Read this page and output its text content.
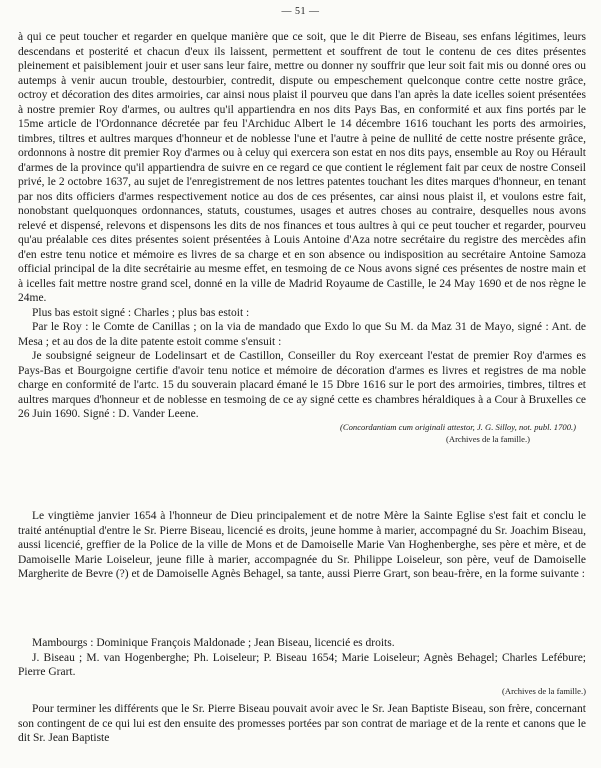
— 51 —

à qui ce peut toucher et regarder en quelque manière que ce soit, que le dit Pierre de Biseau, ses enfans légitimes, leurs descendans et posterité et chacun d'eux ils laissent, permettent et souffrent de tout le contenu de ces dites présentes pleinement et paisiblement jouir et user sans leur faire, mettre ou donner ny souffrir que leur soit fait mis ou donné ores ou autemps à venir aucun trouble, destourbier, contredit, dispute ou empeschement quelconque contre cette nostre grâce, octroy et décoration des dites armoiries, car ainsi nous plaist il pourveu que dans l'an après la date icelles soient présentées à nostre premier Roy d'armes, ou aultres qu'il appartiendra en nos dits Pays Bas, en conformité et aux fins portés par le 15me article de l'Ordonnance décretée par feu l'Archiduc Albert le 14 décembre 1616 touchant les ports des armoiries, timbres, tiltres et aultres marques d'honneur et de noblesse l'une et l'autre à peine de nullité de cette nostre présente grâce, ordonnons à nostre dit premier Roy d'armes ou à celuy qui exercera son estat en nos dits pays, ensemble au Roy ou Hérault d'armes de la province qu'il appartiendra de suivre en ce regard ce que contient le réglement fait par ceux de nostre Conseil privé, le 2 octobre 1637, au sujet de l'enregistrement de nos lettres patentes touchant les dites marques d'honneur, en tenant par nos dits officiers d'armes respectivement notice au dos de ces présentes, car ainsi nous plaist il, et voulons estre fait, nonobstant quelquonques ordonnances, statuts, coustumes, usages et autres choses au contraire, desquelles nous avons relevé et dispensé, relevons et dispensons les dits de nos finances et tous aultres à qui ce peut toucher et regarder, pourveu qu'au préalable ces dites présentes soient présentées à Louis Antoine d'Aza notre secrétaire du registre des mercèdes afin d'en estre tenu notice et mémoire es livres de sa charge et en son absence ou indisposition au secrétaire Antoine Samoza official principal de la dite secrétairie au mesme effet, en tesmoing de ce Nous avons signé ces présentes de nostre main et à icelles fait mettre nostre grand scel, donné en la ville de Madrid Royaume de Castille, le 24 May 1690 et de nos règne le 24me.

Plus bas estoit signé : Charles ; plus bas estoit :

Par le Roy : le Comte de Canillas ; on la via de mandado que Exdo lo que Su M. da Maz 31 de Mayo, signé : Ant. de Mesa ; et au dos de la dite patente estoit comme s'ensuit :

Je soubsigné seigneur de Lodelinsart et de Castillon, Conseiller du Roy exerceant l'estat de premier Roy d'armes es Pays-Bas et Bourgoigne certifie d'avoir tenu notice et mémoire de décoration d'armes es livres et registres de ma noble charge en conformité de l'artc. 15 du souverain placard émané le 15 Dbre 1616 sur le port des armoiries, timbres, tiltres et aultres marques d'honneur et de noblesse en tesmoing de ce ay signé cette es chambres héraldiques à a Cour à Bruxelles ce 26 Juin 1690. Signé : D. Vander Leene.

(Concordantiam cum originali attestor, J. G. Silloy, not. publ. 1700.)

(Archives de la famille.)

Le vingtième janvier 1654 à l'honneur de Dieu principalement et de notre Mère la Sainte Eglise s'est fait et conclu le traité anténuptial d'entre le Sr. Pierre Biseau, licencié es droits, jeune homme à marier, accompagné du Sr. Joachim Biseau, aussi licencié, greffier de la Police de la ville de Mons et de Damoiselle Marie Van Hoghenberghe, ses père et mère, et de Damoiselle Marie Loiseleur, jeune fille à marier, accompagnée du Sr. Philippe Loiseleur, son père, veuf de Damoiselle Margherite de Bevre (?) et de Damoiselle Agnès Behagel, sa tante, aussi Pierre Grart, son beau-frère, en la forme suivante :

Mambourgs : Dominique François Maldonade ; Jean Biseau, licencié es droits.

J. Biseau ; M. van Hogenberghe; Ph. Loiseleur; P. Biseau 1654; Marie Loiseleur; Agnès Behagel; Charles Lefébure; Pierre Grart.

(Archives de la famille.)

Pour terminer les différents que le Sr. Pierre Biseau pouvait avoir avec le Sr. Jean Baptiste Biseau, son frère, concernant son contingent de ce qui lui est den ensuite des promesses portées par son contrat de mariage et de la rente et canons que le dit Sr. Jean Baptiste
